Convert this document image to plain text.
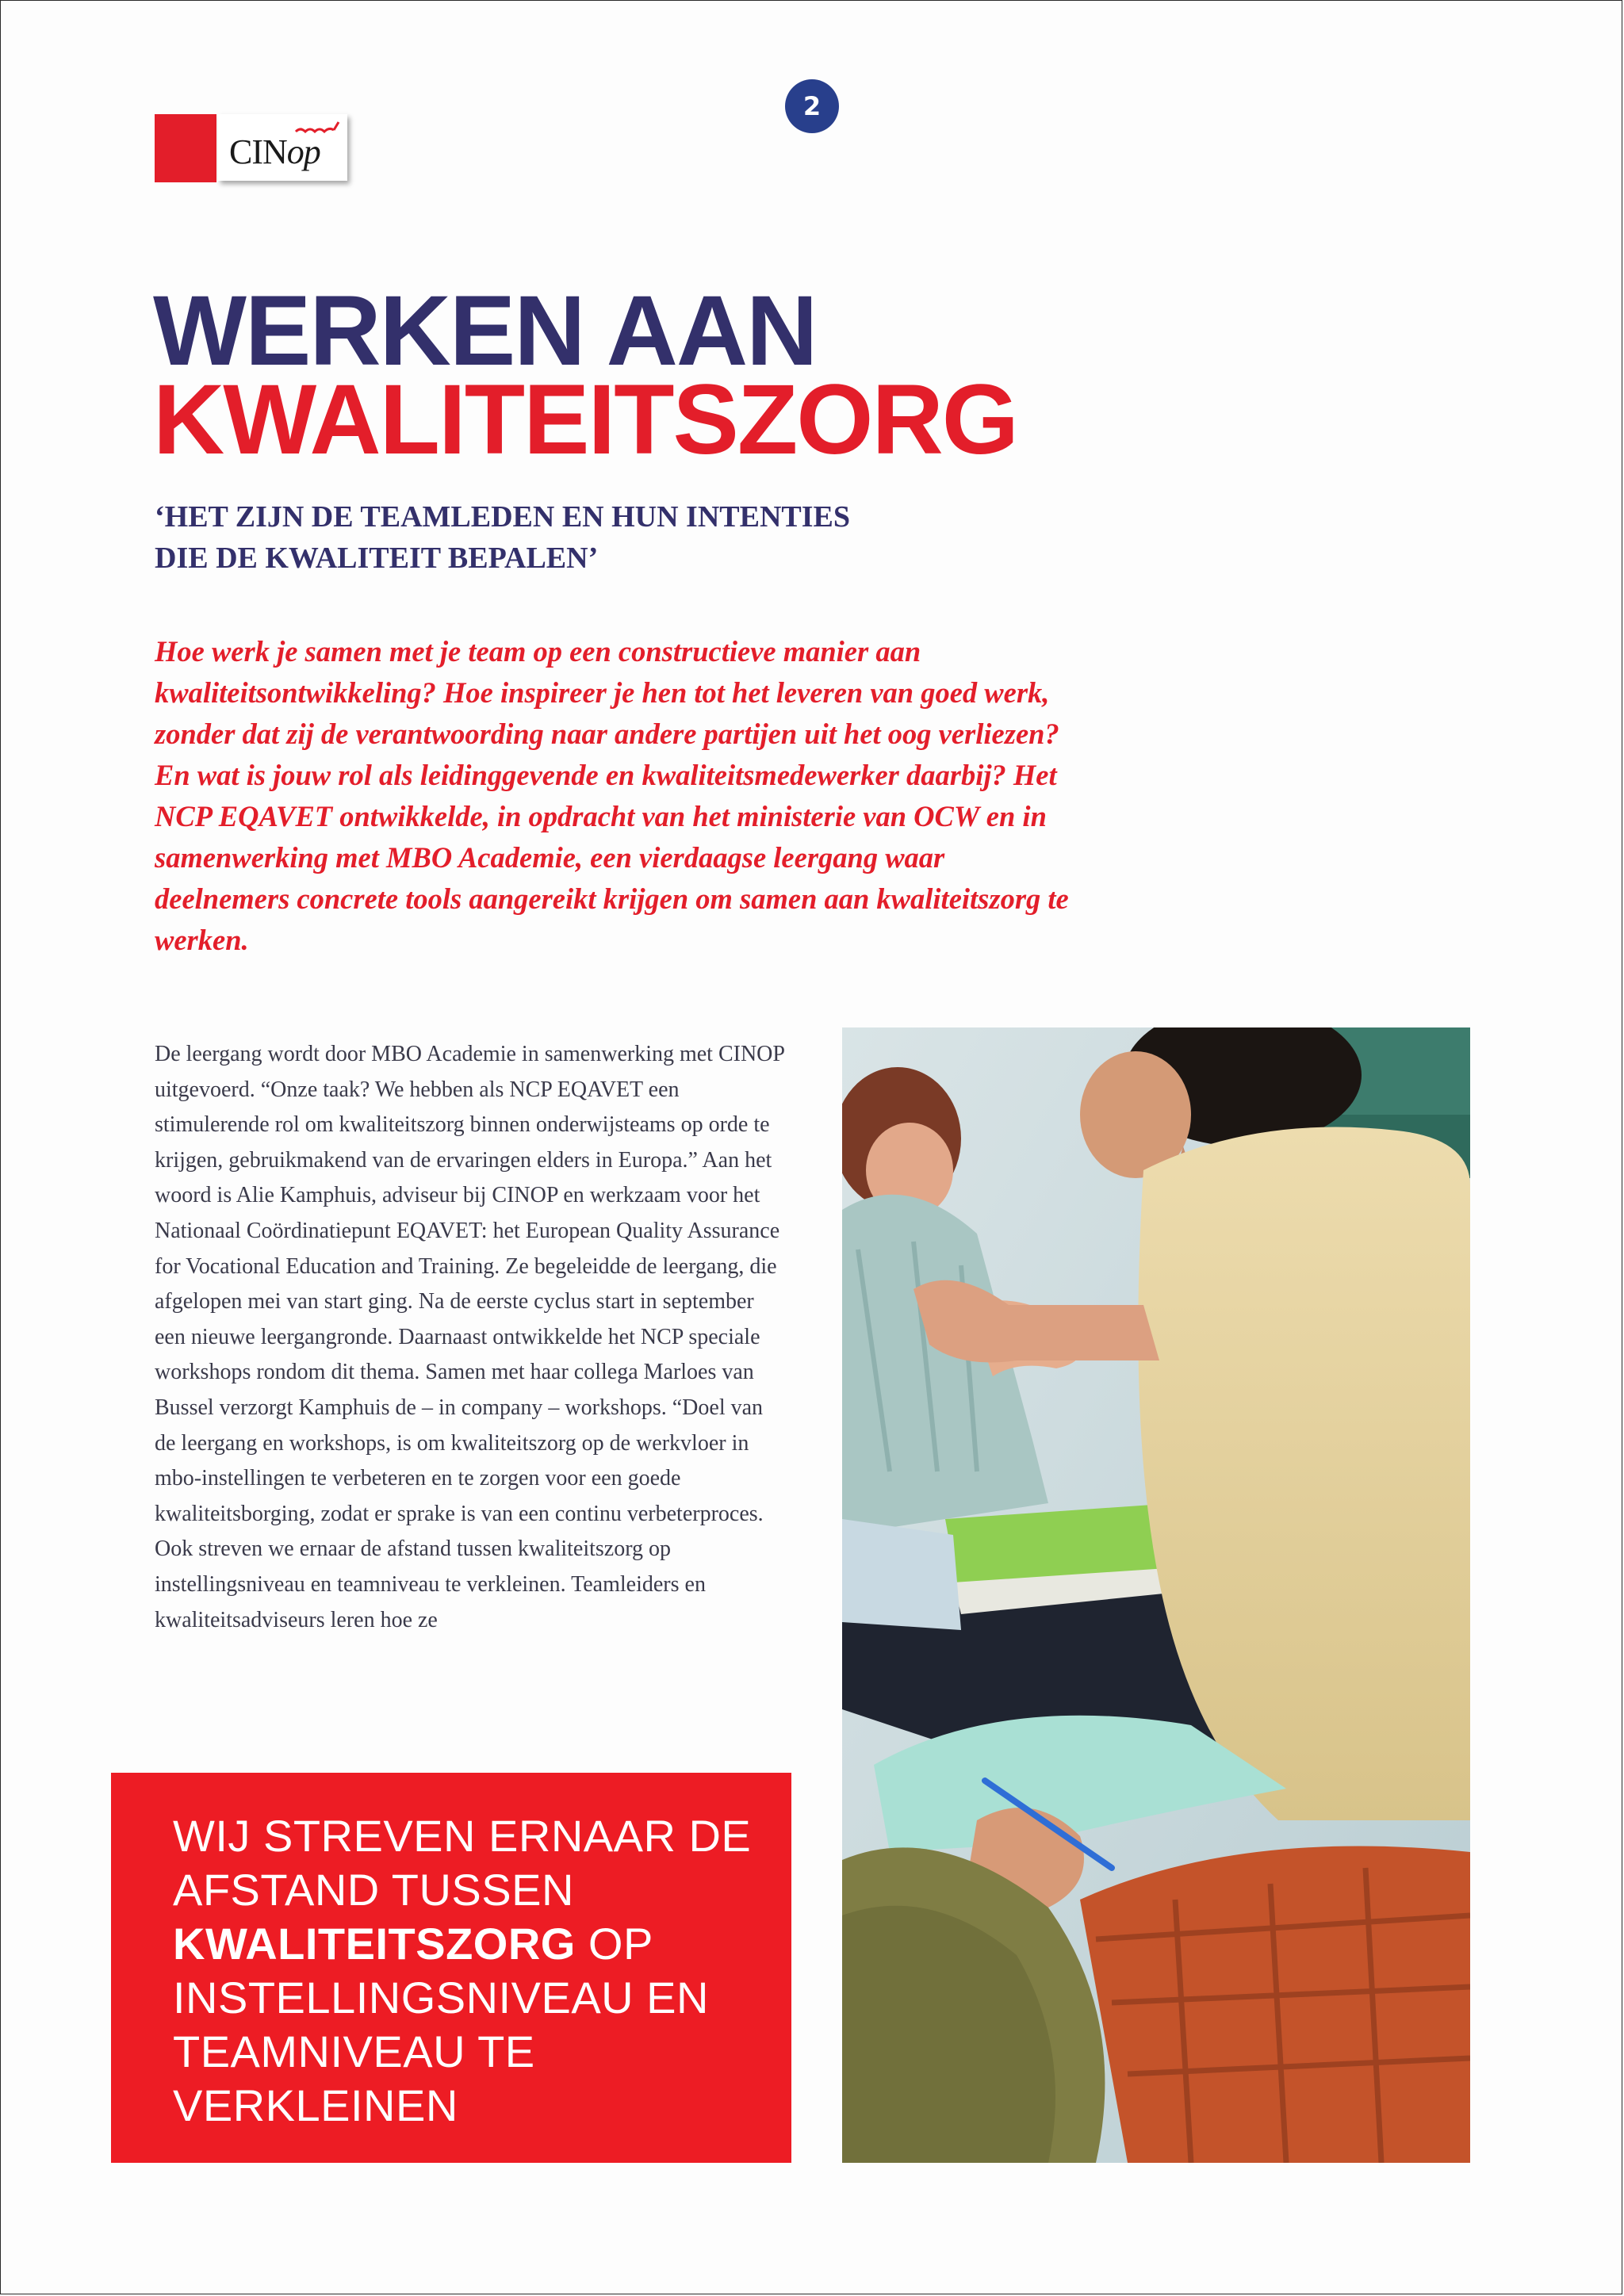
CINop
2
WERKEN AAN
KWALITEITSZORG
‘HET ZIJN DE TEAMLEDEN EN HUN INTENTIES
DIE DE KWALITEIT BEPALEN’

Hoe werk je samen met je team op een constructieve manier aan kwaliteitsontwikkeling? Hoe inspireer je hen tot het leveren van goed werk, zonder dat zij de verantwoording naar andere partijen uit het oog verliezen? En wat is jouw rol als leidinggevende en kwaliteitsmedewerker daarbij? Het NCP EQAVET ontwikkelde, in opdracht van het ministerie van OCW en in samenwerking met MBO Academie, een vierdaagse leergang waar deelnemers concrete tools aangereikt krijgen om samen aan kwaliteitszorg te werken.

De leergang wordt door MBO Academie in samenwerking met CINOP uitgevoerd. “Onze taak? We hebben als NCP EQAVET een stimulerende rol om kwaliteitszorg binnen onderwijsteams op orde te krijgen, gebruikmakend van de ervaringen elders in Europa.” Aan het woord is Alie Kamphuis, adviseur bij CINOP en werkzaam voor het Nationaal Coördinatiepunt EQAVET: het European Quality Assurance for Vocational Education and Training. Ze begeleidde de leergang, die afgelopen mei van start ging. Na de eerste cyclus start in september een nieuwe leergangronde. Daarnaast ontwikkelde het NCP speciale workshops rondom dit thema. Samen met haar collega Marloes van Bussel verzorgt Kamphuis de – in company – workshops. “Doel van de leergang en workshops, is om kwaliteitszorg op de werkvloer in mbo-instellingen te verbeteren en te zorgen voor een goede kwaliteitsborging, zodat er sprake is van een continu verbeterproces. Ook streven we ernaar de afstand tussen kwaliteitszorg op instellingsniveau en teamniveau te verkleinen. Teamleiders en kwaliteitsadviseurs leren hoe ze

WIJ STREVEN ERNAAR DE AFSTAND TUSSEN KWALITEITSZORG OP INSTELLINGSNIVEAU EN TEAMNIVEAU TE VERKLEINEN
